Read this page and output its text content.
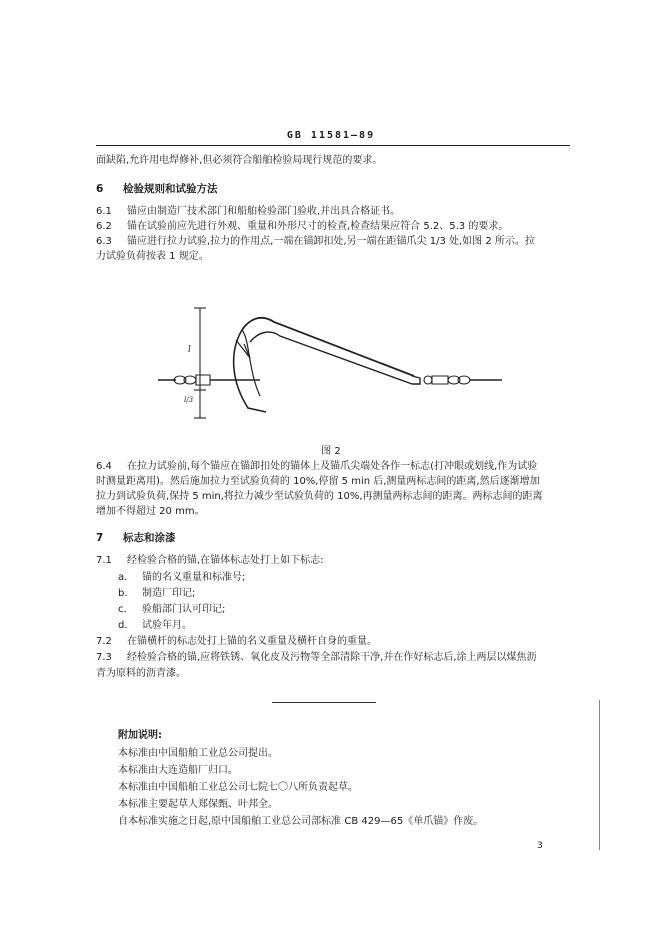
GB 11581—89
面缺陷,允许用电焊修补,但必须符合船舶检验局现行规范的要求。
6 检验规则和试验方法
6.1 锚应由制造厂技术部门和船舶检验部门验收,并出具合格证书。
6.2 锚在试验前应先进行外观、重量和外形尺寸的检查,检查结果应符合 5.2、5.3 的要求。
6.3 锚应进行拉力试验,拉力的作用点,一端在锚卸扣处,另一端在距锚爪尖 1/3 处,如图 2 所示。拉
力试验负荷按表 1 规定。
l
l/3
图 2
6.4 在拉力试验前,每个锚应在锚卸扣处的锚体上及锚爪尖端处各作一标志(打冲眼或划线,作为试验
时测量距离用)。然后施加拉力至试验负荷的 10%,停留 5 min 后,测量两标志间的距离,然后逐渐增加
拉力到试验负荷,保持 5 min,将拉力减少至试验负荷的 10%,再测量两标志间的距离。两标志间的距离
增加不得超过 20 mm。
7 标志和涂漆
7.1 经检验合格的锚,在锚体标志处打上如下标志:
a. 锚的名义重量和标准号;
b. 制造厂印记;
c. 验船部门认可印记;
d. 试验年月。
7.2 在锚横杆的标志处打上锚的名义重量及横杆自身的重量。
7.3 经检验合格的锚,应将铁锈、氧化皮及污物等全部清除干净,并在作好标志后,涂上两层以煤焦沥
青为原料的沥青漆。
附加说明:
本标准由中国船舶工业总公司提出。
本标准由大连造船厂归口。
本标准由中国船舶工业总公司七院七〇八所负责起草。
本标准主要起草人郑保甄、叶邦全。
自本标准实施之日起,原中国船舶工业总公司部标准 CB 429—65《单爪锚》作废。
3
